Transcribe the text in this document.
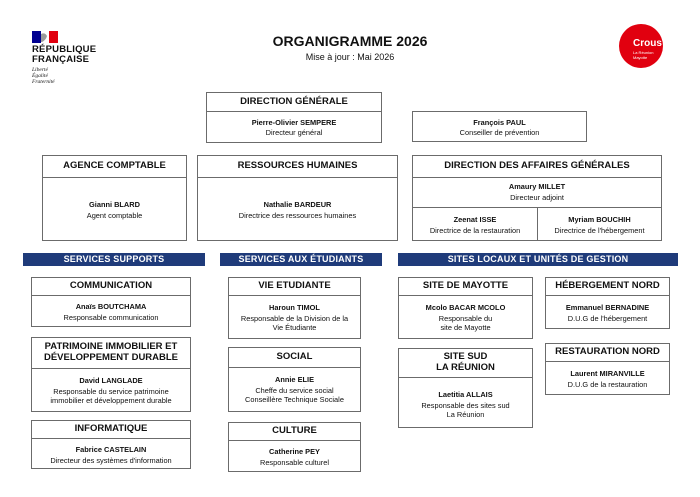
RÉPUBLIQUE
FRANÇAISE
Liberté
Égalité
Fraternité
ORGANIGRAMME 2026
Mise à jour : Mai 2026
Crous
La Réunion
Mayotte
DIRECTION GÉNÉRALE
Pierre-Olivier SEMPERE
Directeur général
François PAUL
Conseiller de prévention
AGENCE COMPTABLE
Gianni BLARD
Agent comptable
RESSOURCES HUMAINES
Nathalie BARDEUR
Directrice des ressources humaines
DIRECTION DES AFFAIRES GÉNÉRALES
Amaury MILLET
Directeur adjoint
Zeenat ISSE
Directrice de la restauration
Myriam BOUCHIH
Directrice de l'hébergement
SERVICES SUPPORTS	SERVICES AUX ÉTUDIANTS	SITES LOCAUX ET UNITÉS DE GESTION
COMMUNICATION
Anaïs BOUTCHAMA
Responsable communication
PATRIMOINE IMMOBILIER ET
DÉVELOPPEMENT DURABLE
David LANGLADE
Responsable du service patrimoine
immobilier et développement durable
INFORMATIQUE
Fabrice CASTELAIN
Directeur des systèmes d'information
VIE ETUDIANTE
Haroun TIMOL
Responsable de la Division de la
Vie Étudiante
SOCIAL
Annie ELIE
Cheffe du service social
Conseillère Technique Sociale
CULTURE
Catherine PEY
Responsable culturel
SITE DE MAYOTTE
Mcolo BACAR MCOLO
Responsable du
site de Mayotte
SITE SUD
LA RÉUNION
Laetitia ALLAIS
Responsable des sites sud
La Réunion
HÉBERGEMENT NORD
Emmanuel BERNADINE
D.U.G de l'hébergement
RESTAURATION NORD
Laurent MIRANVILLE
D.U.G de la restauration
